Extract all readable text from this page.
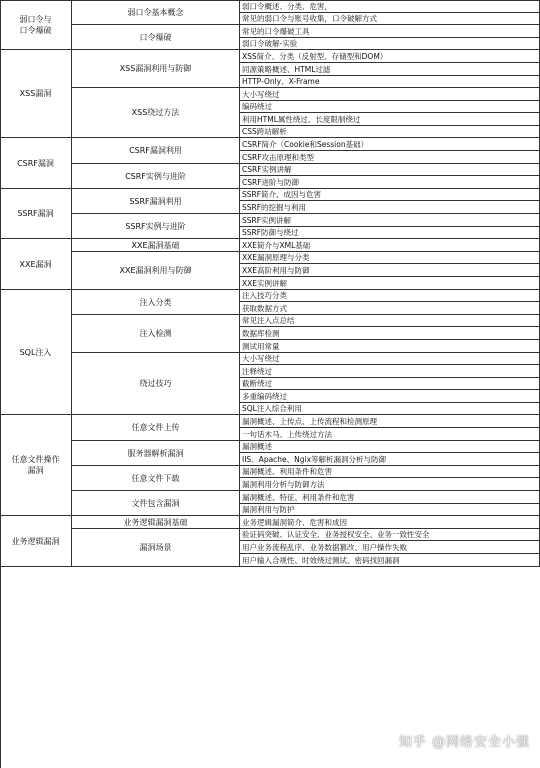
弱口令概述、分类、危害，
常见的弱口令与账号收集，口令破解方式
弱口令基本概念
常见的口令爆破工具
弱口令破解-实验
口令爆破
弱口令与
口令爆破
XSS简介、分类（反射型、存储型和DOM）
同源策略概述、HTML过滤
HTTP-Only、X-Frame
XSS漏洞利用与防御
大小写绕过
编码绕过
利用HTML属性绕过、长度限制绕过
CSS跨站解析
XSS绕过方法
XSS漏洞
CSRF简介（Cookie和Session基础）
CSRF攻击原理和类型
CSRF漏洞利用
CSRF实例讲解
CSRF进阶与防御
CSRF实例与进阶
CSRF漏洞
SSRF简介、成因与危害
SSRF的挖掘与利用
SSRF漏洞利用
SSRF实例讲解
SSRF防御与绕过
SSRF实例与进阶
SSRF漏洞
XXE简介与XML基础
XXE漏洞基础
XXE漏洞原理与分类
XXE高阶利用与防御
XXE实例讲解
XXE漏洞利用与防御
XXE漏洞
注入技巧分类
获取数据方式
注入分类
常见注入点总结
数据库检测
测试用常量
注入检测
大小写绕过
注释绕过
截断绕过
多重编码绕过
SQL注入综合利用
绕过技巧
SQL注入
漏洞概述、上传点、上传流程和检测原理
一句话木马、上传绕过方法
任意文件上传
漏洞概述
IIS、Apache、Ngix等解析漏洞分析与防御
服务器解析漏洞
漏洞概述、利用条件和危害
漏洞利用分析与防御方法
任意文件下载
漏洞概述、特征、利用条件和危害
漏洞利用与防护
文件包含漏洞
任意文件操作
漏洞
业务逻辑漏洞简介、危害和成因
业务逻辑漏洞基础
验证码突破、认证安全、业务授权安全、业务一致性安全
用户业务流程乱序、业务数据篡改、用户操作失败
用户输入合规性、时效绕过测试、密码找回漏洞
漏洞场景
业务逻辑漏洞
知乎 @网络安全小强
